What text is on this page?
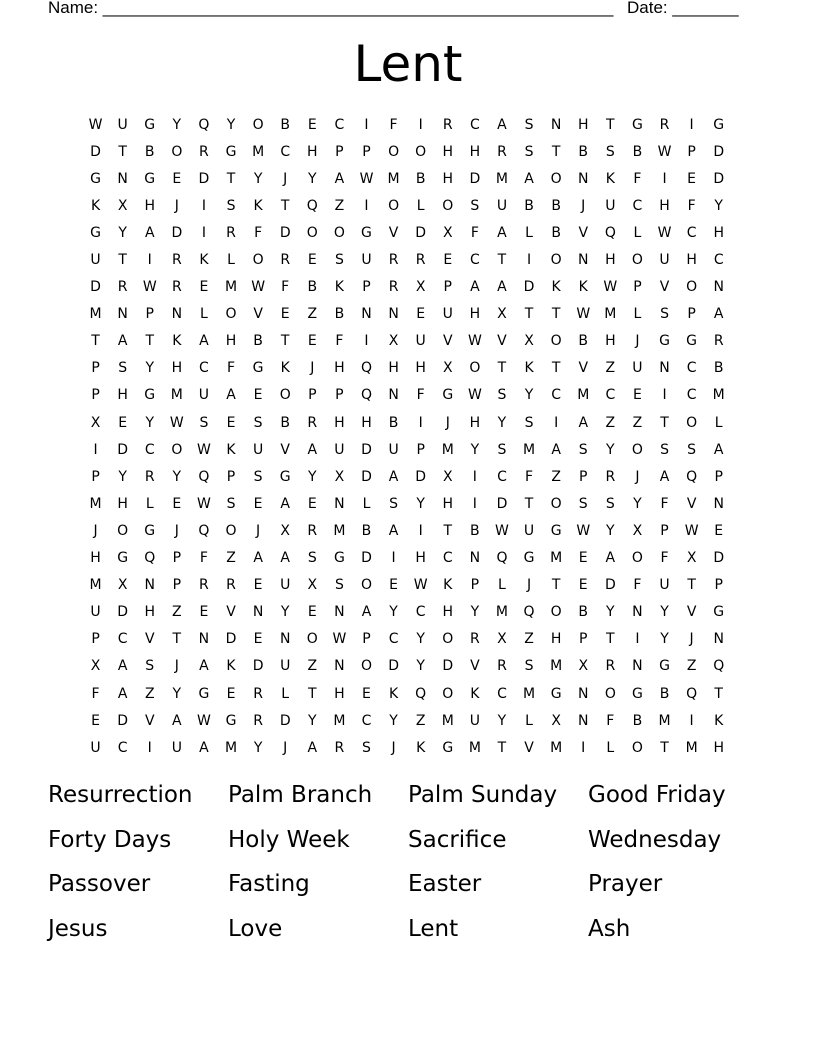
Name: ______________________________________________________ Date: _______
Lent
W	U	G	Y	Q	Y	O	B	E	C	I	F	I	R	C	A	S	N	H	T	G	R	I	G
D	T	B	O	R	G	M	C	H	P	P	O	O	H	H	R	S	T	B	S	B	W	P	D
G	N	G	E	D	T	Y	J	Y	A	W	M	B	H	D	M	A	O	N	K	F	I	E	D
K	X	H	J	I	S	K	T	Q	Z	I	O	L	O	S	U	B	B	J	U	C	H	F	Y
G	Y	A	D	I	R	F	D	O	O	G	V	D	X	F	A	L	B	V	Q	L	W	C	H
U	T	I	R	K	L	O	R	E	S	U	R	R	E	C	T	I	O	N	H	O	U	H	C
D	R	W	R	E	M	W	F	B	K	P	R	X	P	A	A	D	K	K	W	P	V	O	N
M	N	P	N	L	O	V	E	Z	B	N	N	E	U	H	X	T	T	W	M	L	S	P	A
T	A	T	K	A	H	B	T	E	F	I	X	U	V	W	V	X	O	B	H	J	G	G	R
P	S	Y	H	C	F	G	K	J	H	Q	H	H	X	O	T	K	T	V	Z	U	N	C	B
P	H	G	M	U	A	E	O	P	P	Q	N	F	G	W	S	Y	C	M	C	E	I	C	M
X	E	Y	W	S	E	S	B	R	H	H	B	I	J	H	Y	S	I	A	Z	Z	T	O	L
I	D	C	O	W	K	U	V	A	U	D	U	P	M	Y	S	M	A	S	Y	O	S	S	A
P	Y	R	Y	Q	P	S	G	Y	X	D	A	D	X	I	C	F	Z	P	R	J	A	Q	P
M	H	L	E	W	S	E	A	E	N	L	S	Y	H	I	D	T	O	S	S	Y	F	V	N
J	O	G	J	Q	O	J	X	R	M	B	A	I	T	B	W	U	G	W	Y	X	P	W	E
H	G	Q	P	F	Z	A	A	S	G	D	I	H	C	N	Q	G	M	E	A	O	F	X	D
M	X	N	P	R	R	E	U	X	S	O	E	W	K	P	L	J	T	E	D	F	U	T	P
U	D	H	Z	E	V	N	Y	E	N	A	Y	C	H	Y	M	Q	O	B	Y	N	Y	V	G
P	C	V	T	N	D	E	N	O	W	P	C	Y	O	R	X	Z	H	P	T	I	Y	J	N
X	A	S	J	A	K	D	U	Z	N	O	D	Y	D	V	R	S	M	X	R	N	G	Z	Q
F	A	Z	Y	G	E	R	L	T	H	E	K	Q	O	K	C	M	G	N	O	G	B	Q	T
E	D	V	A	W	G	R	D	Y	M	C	Y	Z	M	U	Y	L	X	N	F	B	M	I	K
U	C	I	U	A	M	Y	J	A	R	S	J	K	G	M	T	V	M	I	L	O	T	M	H
Resurrection	Palm Branch	Palm Sunday	Good Friday
Forty Days	Holy Week	Sacrifice	Wednesday
Passover	Fasting	Easter	Prayer
Jesus	Love	Lent	Ash
